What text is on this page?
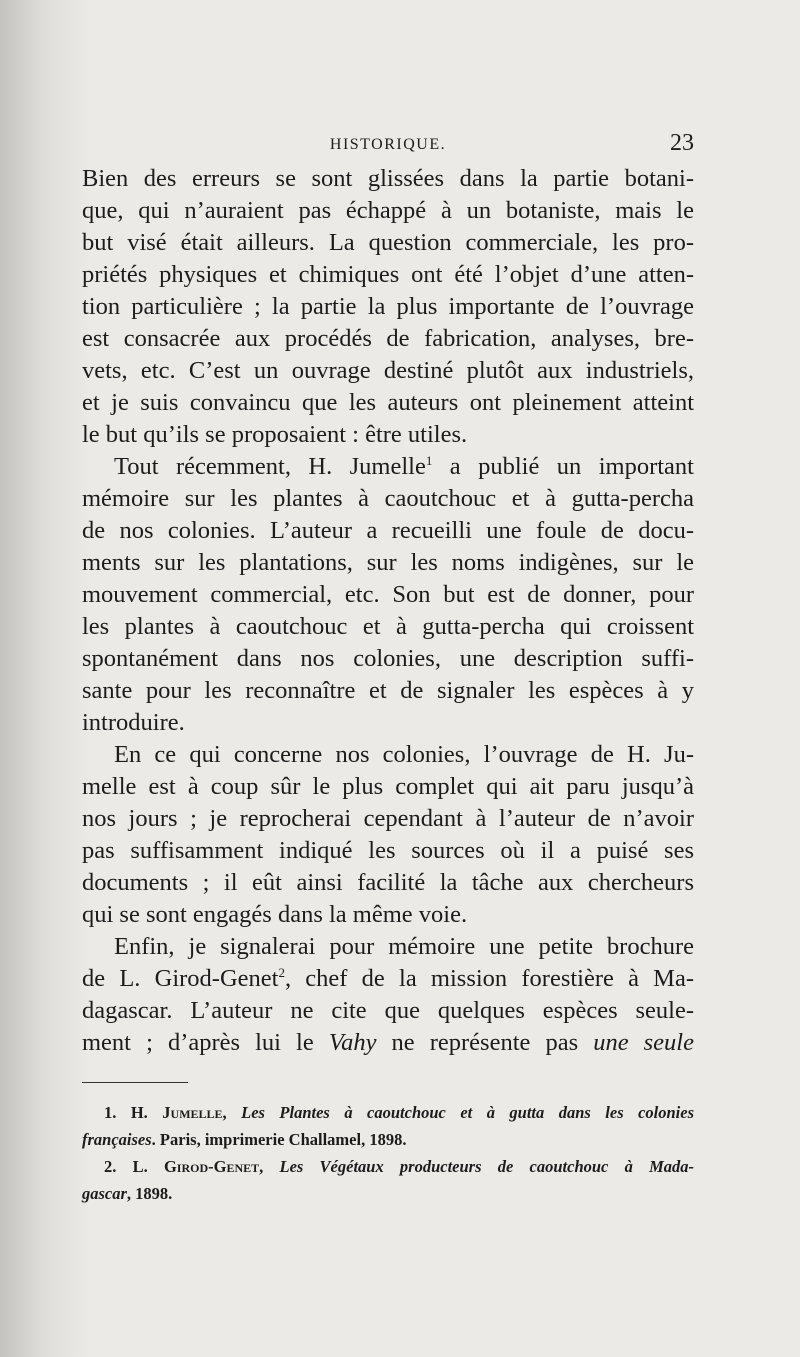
HISTORIQUE.	23
Bien des erreurs se sont glissées dans la partie botani-
que, qui n’auraient pas échappé à un botaniste, mais le
but visé était ailleurs. La question commerciale, les pro-
priétés physiques et chimiques ont été l’objet d’une atten-
tion particulière ; la partie la plus importante de l’ouvrage
est consacrée aux procédés de fabrication, analyses, bre-
vets, etc. C’est un ouvrage destiné plutôt aux industriels,
et je suis convaincu que les auteurs ont pleinement atteint
le but qu’ils se proposaient : être utiles.
Tout récemment, H. Jumelle$^1$ a publié un important
mémoire sur les plantes à caoutchouc et à gutta-percha
de nos colonies. L’auteur a recueilli une foule de docu-
ments sur les plantations, sur les noms indigènes, sur le
mouvement commercial, etc. Son but est de donner, pour
les plantes à caoutchouc et à gutta-percha qui croissent
spontanément dans nos colonies, une description suffi-
sante pour les reconnaître et de signaler les espèces à y
introduire.
En ce qui concerne nos colonies, l’ouvrage de H. Ju-
melle est à coup sûr le plus complet qui ait paru jusqu’à
nos jours ; je reprocherai cependant à l’auteur de n’avoir
pas suffisamment indiqué les sources où il a puisé ses
documents ; il eût ainsi facilité la tâche aux chercheurs
qui se sont engagés dans la même voie.
Enfin, je signalerai pour mémoire une petite brochure
de L. Girod-Genet$^2$, chef de la mission forestière à Ma-
dagascar. L’auteur ne cite que quelques espèces seule-
ment ; d’après lui le Vahy ne représente pas une seule
1. H. Jumelle, Les Plantes à caoutchouc et à gutta dans les colonies
françaises. Paris, imprimerie Challamel, 1898.
2. L. Girod-Genet, Les Végétaux producteurs de caoutchouc à Mada-
gascar, 1898.
